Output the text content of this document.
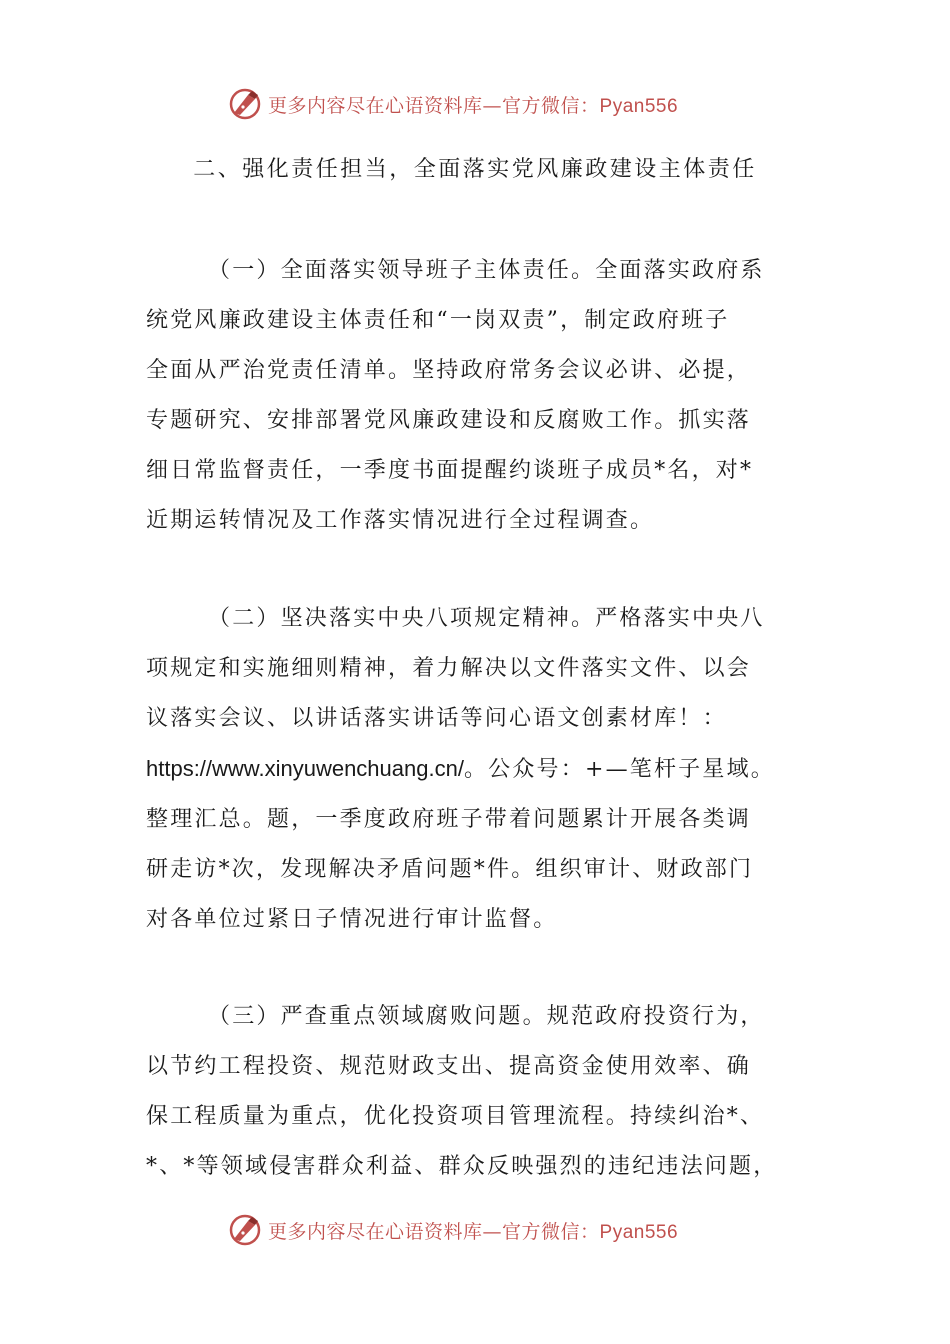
更多内容尽在心语资料库—官方微信：Pyan556
二、强化责任担当，全面落实党风廉政建设主体责任

（一）全面落实领导班子主体责任。全面落实政府系
统党风廉政建设主体责任和“一岗双责”，制定政府班子
全面从严治党责任清单。坚持政府常务会议必讲、必提，
专题研究、安排部署党风廉政建设和反腐败工作。抓实落
细日常监督责任，一季度书面提醒约谈班子成员*名，对*
近期运转情况及工作落实情况进行全过程调查。

（二）坚决落实中央八项规定精神。严格落实中央八
项规定和实施细则精神，着力解决以文件落实文件、以会
议落实会议、以讲话落实讲话等问心语文创素材库！：
https://www.xinyuwenchuang.cn/。公众号：+—笔杆子星域。
整理汇总。题，一季度政府班子带着问题累计开展各类调
研走访*次，发现解决矛盾问题*件。组织审计、财政部门
对各单位过紧日子情况进行审计监督。

（三）严查重点领域腐败问题。规范政府投资行为，
以节约工程投资、规范财政支出、提高资金使用效率、确
保工程质量为重点，优化投资项目管理流程。持续纠治*、
*、*等领域侵害群众利益、群众反映强烈的违纪违法问题，

更多内容尽在心语资料库—官方微信：Pyan556
